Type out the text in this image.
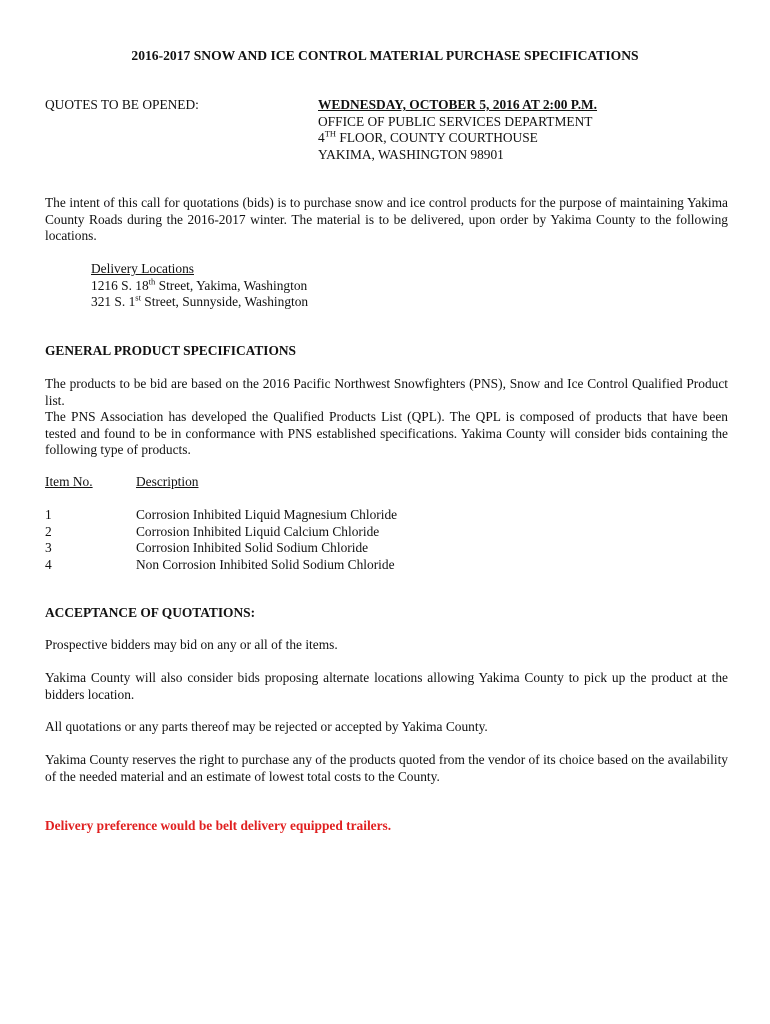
2016-2017 SNOW AND ICE CONTROL MATERIAL PURCHASE SPECIFICATIONS
QUOTES TO BE OPENED:	WEDNESDAY, OCTOBER 5, 2016 AT 2:00 P.M.
OFFICE OF PUBLIC SERVICES DEPARTMENT
4TH FLOOR, COUNTY COURTHOUSE
YAKIMA, WASHINGTON 98901
The intent of this call for quotations (bids) is to purchase snow and ice control products for the purpose of maintaining Yakima County Roads during the 2016-2017 winter. The material is to be delivered, upon order by Yakima County to the following locations.
Delivery Locations
1216 S. 18th Street, Yakima, Washington
321 S. 1st Street, Sunnyside, Washington
GENERAL PRODUCT SPECIFICATIONS
The products to be bid are based on the 2016 Pacific Northwest Snowfighters (PNS), Snow and Ice Control Qualified Product list.
The PNS Association has developed the Qualified Products List (QPL). The QPL is composed of products that have been tested and found to be in conformance with PNS established specifications. Yakima County will consider bids containing the following type of products.
Item No.	Description
1	Corrosion Inhibited Liquid Magnesium Chloride
2	Corrosion Inhibited Liquid Calcium Chloride
3	Corrosion Inhibited Solid Sodium Chloride
4	Non Corrosion Inhibited Solid Sodium Chloride
ACCEPTANCE OF QUOTATIONS:
Prospective bidders may bid on any or all of the items.
Yakima County will also consider bids proposing alternate locations allowing Yakima County to pick up the product at the bidders location.
All quotations or any parts thereof may be rejected or accepted by Yakima County.
Yakima County reserves the right to purchase any of the products quoted from the vendor of its choice based on the availability of the needed material and an estimate of lowest total costs to the County.
Delivery preference would be belt delivery equipped trailers.
